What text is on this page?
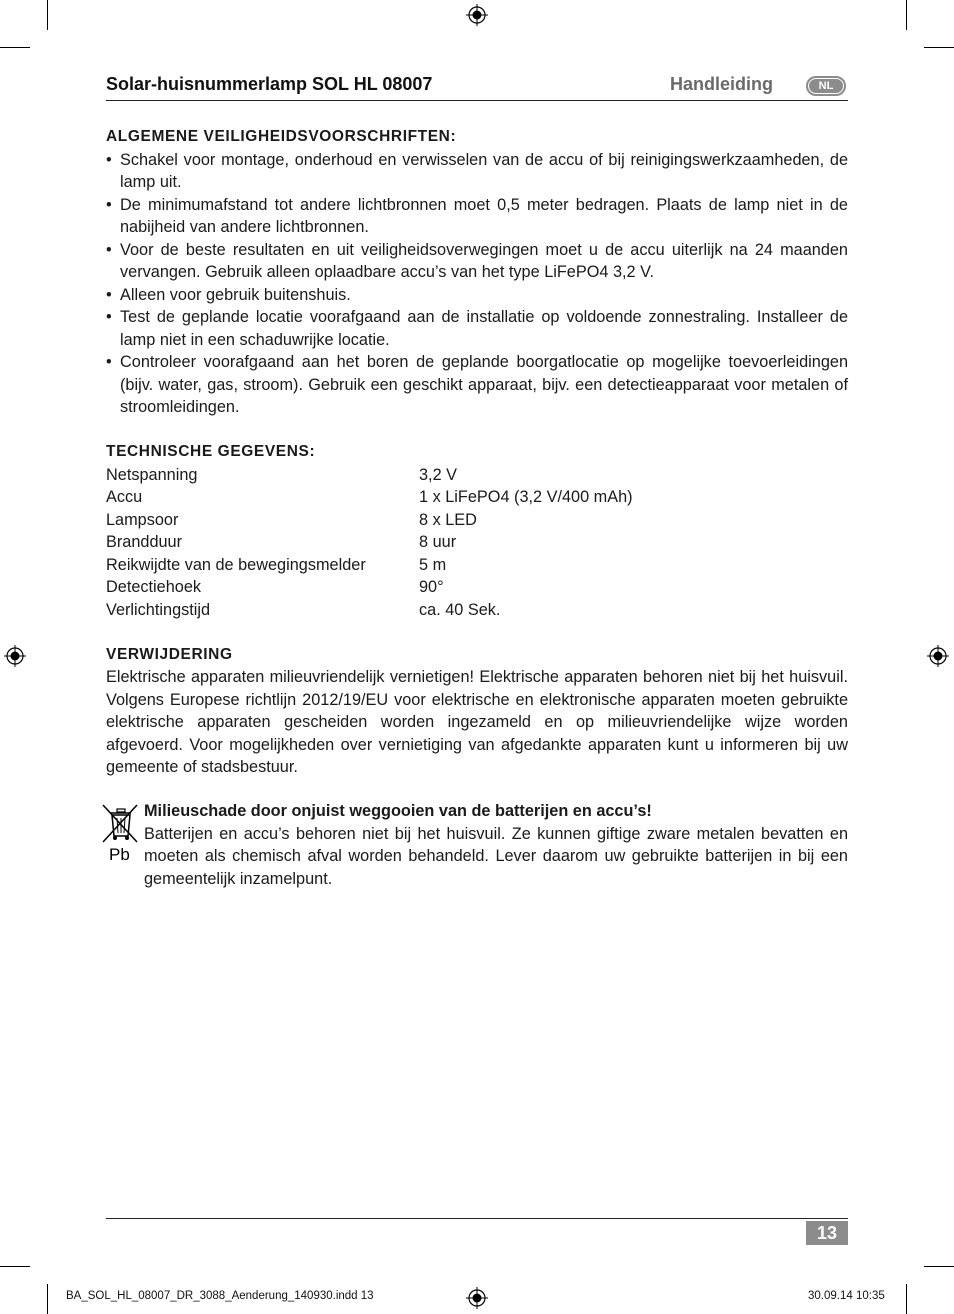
Solar-huisnummerlamp SOL HL 08007	Handleiding	NL
ALGEMENE VEILIGHEIDSVOORSCHRIFTEN:
• Schakel voor montage, onderhoud en verwisselen van de accu of bij reinigingswerkzaamheden, de lamp uit.
• De minimumafstand tot andere lichtbronnen moet 0,5 meter bedragen. Plaats de lamp niet in de nabijheid van andere lichtbronnen.
• Voor de beste resultaten en uit veiligheidsoverwegingen moet u de accu uiterlijk na 24 maanden vervangen. Gebruik alleen oplaadbare accu’s van het type LiFePO4 3,2 V.
• Alleen voor gebruik buitenshuis.
• Test de geplande locatie voorafgaand aan de installatie op voldoende zonnestraling. Installeer de lamp niet in een schaduwrijke locatie.
• Controleer voorafgaand aan het boren de geplande boorgatlocatie op mogelijke toevoerleidingen (bijv. water, gas, stroom). Gebruik een geschikt apparaat, bijv. een detectieapparaat voor metalen of stroomleidingen.
TECHNISCHE GEGEVENS:
Netspanning	3,2 V
Accu	1 x LiFePO4 (3,2 V/400 mAh)
Lampsoor	8 x LED
Brandduur	8 uur
Reikwijdte van de bewegingsmelder	5 m
Detectiehoek	90°
Verlichtingstijd	ca. 40 Sek.
VERWIJDERING

Elektrische apparaten milieuvriendelijk vernietigen! Elektrische apparaten behoren niet bij het huisvuil. Volgens Europese richtlijn 2012/19/EU voor elektrische en elektronische apparaten moeten gebruikte elektrische apparaten gescheiden worden ingezameld en op milieuvriendelijke wijze worden afgevoerd. Voor mogelijkheden over vernietiging van afgedankte apparaten kunt u informeren bij uw gemeente of stadsbestuur.

Pb
Milieuschade door onjuist weggooien van de batterijen en accu’s!
Batterijen en accu’s behoren niet bij het huisvuil. Ze kunnen giftige zware metalen bevatten en moeten als chemisch afval worden behandeld. Lever daarom uw gebruikte batterijen in bij een gemeentelijk inzamelpunt.
13
BA_SOL_HL_08007_DR_3088_Aenderung_140930.indd 13	30.09.14 10:35
